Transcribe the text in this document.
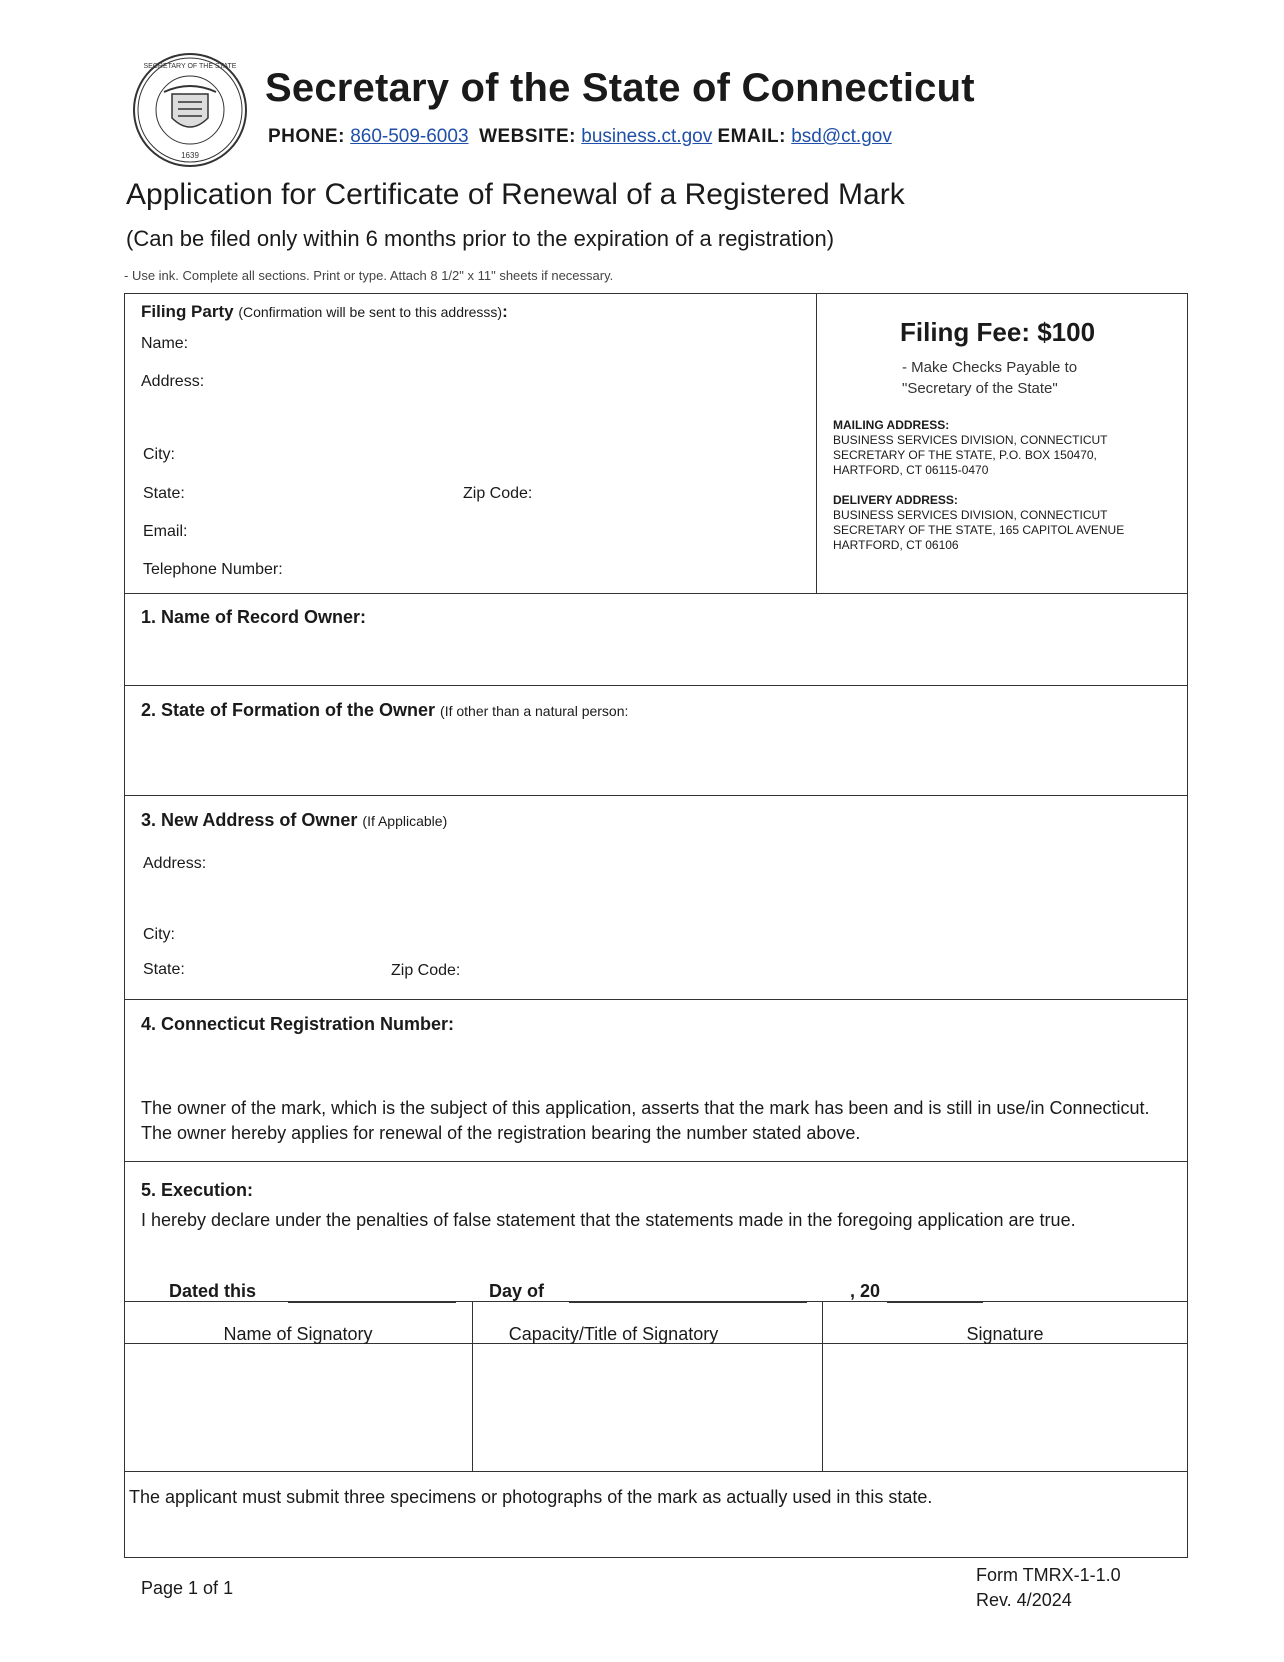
SECRETARY OF THE STATE
1639
Secretary of the State of Connecticut
PHONE: 860-509-6003 WEBSITE: business.ct.gov EMAIL: bsd@ct.gov
Application for Certificate of Renewal of a Registered Mark
(Can be filed only within 6 months prior to the expiration of a registration)
- Use ink. Complete all sections. Print or type. Attach 8 1/2" x 11" sheets if necessary.
Filing Party (Confirmation will be sent to this addresss):
Name:
Address:
City:
State:	Zip Code:
Email:
Telephone Number:
Filing Fee: $100
- Make Checks Payable to
"Secretary of the State"
MAILING ADDRESS:
BUSINESS SERVICES DIVISION, CONNECTICUT
SECRETARY OF THE STATE, P.O. BOX 150470,
HARTFORD, CT 06115-0470
DELIVERY ADDRESS:
BUSINESS SERVICES DIVISION, CONNECTICUT
SECRETARY OF THE STATE, 165 CAPITOL AVENUE
HARTFORD, CT 06106
1. Name of Record Owner:
2. State of Formation of the Owner (If other than a natural person:
3. New Address of Owner (If Applicable)
Address:
City:
State:	Zip Code:
4. Connecticut Registration Number:
The owner of the mark, which is the subject of this application, asserts that the mark has been and is still in use/in Connecticut. The owner hereby applies for renewal of the registration bearing the number stated above.
5. Execution:
I hereby declare under the penalties of false statement that the statements made in the foregoing application are true.
Dated this	Day of	, 20
Name of Signatory	Capacity/Title of Signatory	Signature
The applicant must submit three specimens or photographs of the mark as actually used in this state.
Page 1 of 1
Form TMRX-1-1.0
Rev. 4/2024
